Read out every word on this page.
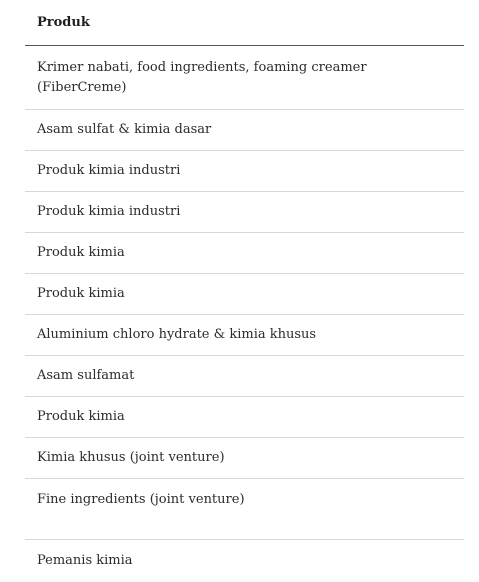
Produk
Krimer nabati, food ingredients, foaming creamer (FiberCreme)
Asam sulfat & kimia dasar
Produk kimia industri
Produk kimia industri
Produk kimia
Produk kimia
Aluminium chloro hydrate & kimia khusus
Asam sulfamat
Produk kimia
Kimia khusus (joint venture)
Fine ingredients (joint venture)
Pemanis kimia
